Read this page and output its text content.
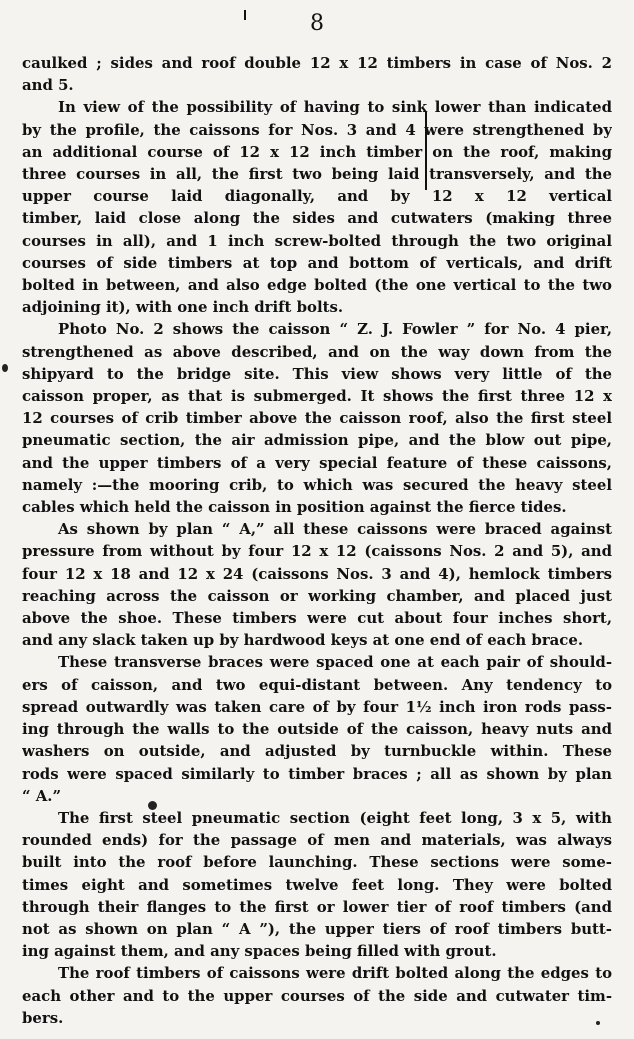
8
caulked ; sides and roof double 12 x 12 timbers in case of Nos. 2
and 5.
In view of the possibility of having to sink lower than indicated
by the profile, the caissons for Nos. 3 and 4 were strengthened by
an additional course of 12 x 12 inch timber on the roof, making
three courses in all, the first two being laid transversely, and the
upper course laid diagonally, and by 12 x 12 vertical
timber, laid close along the sides and cutwaters (making three
courses in all), and 1 inch screw-bolted through the two original
courses of side timbers at top and bottom of verticals, and drift
bolted in between, and also edge bolted (the one vertical to the two
adjoining it), with one inch drift bolts.
Photo No. 2 shows the caisson “ Z. J. Fowler ” for No. 4 pier,
strengthened as above described, and on the way down from the
shipyard to the bridge site. This view shows very little of the
caisson proper, as that is submerged. It shows the first three 12 x
12 courses of crib timber above the caisson roof, also the first steel
pneumatic section, the air admission pipe, and the blow out pipe,
and the upper timbers of a very special feature of these caissons,
namely :—the mooring crib, to which was secured the heavy steel
cables which held the caisson in position against the fierce tides.
As shown by plan “ A,” all these caissons were braced against
pressure from without by four 12 x 12 (caissons Nos. 2 and 5), and
four 12 x 18 and 12 x 24 (caissons Nos. 3 and 4), hemlock timbers
reaching across the caisson or working chamber, and placed just
above the shoe. These timbers were cut about four inches short,
and any slack taken up by hardwood keys at one end of each brace.
These transverse braces were spaced one at each pair of should-
ers of caisson, and two equi-distant between. Any tendency to
spread outwardly was taken care of by four 1½ inch iron rods pass-
ing through the walls to the outside of the caisson, heavy nuts and
washers on outside, and adjusted by turnbuckle within. These
rods were spaced similarly to timber braces ; all as shown by plan
“ A.”
The first steel pneumatic section (eight feet long, 3 x 5, with
rounded ends) for the passage of men and materials, was always
built into the roof before launching. These sections were some-
times eight and sometimes twelve feet long. They were bolted
through their flanges to the first or lower tier of roof timbers (and
not as shown on plan “ A ”), the upper tiers of roof timbers butt-
ing against them, and any spaces being filled with grout.
The roof timbers of caissons were drift bolted along the edges to
each other and to the upper courses of the side and cutwater tim-
bers.
